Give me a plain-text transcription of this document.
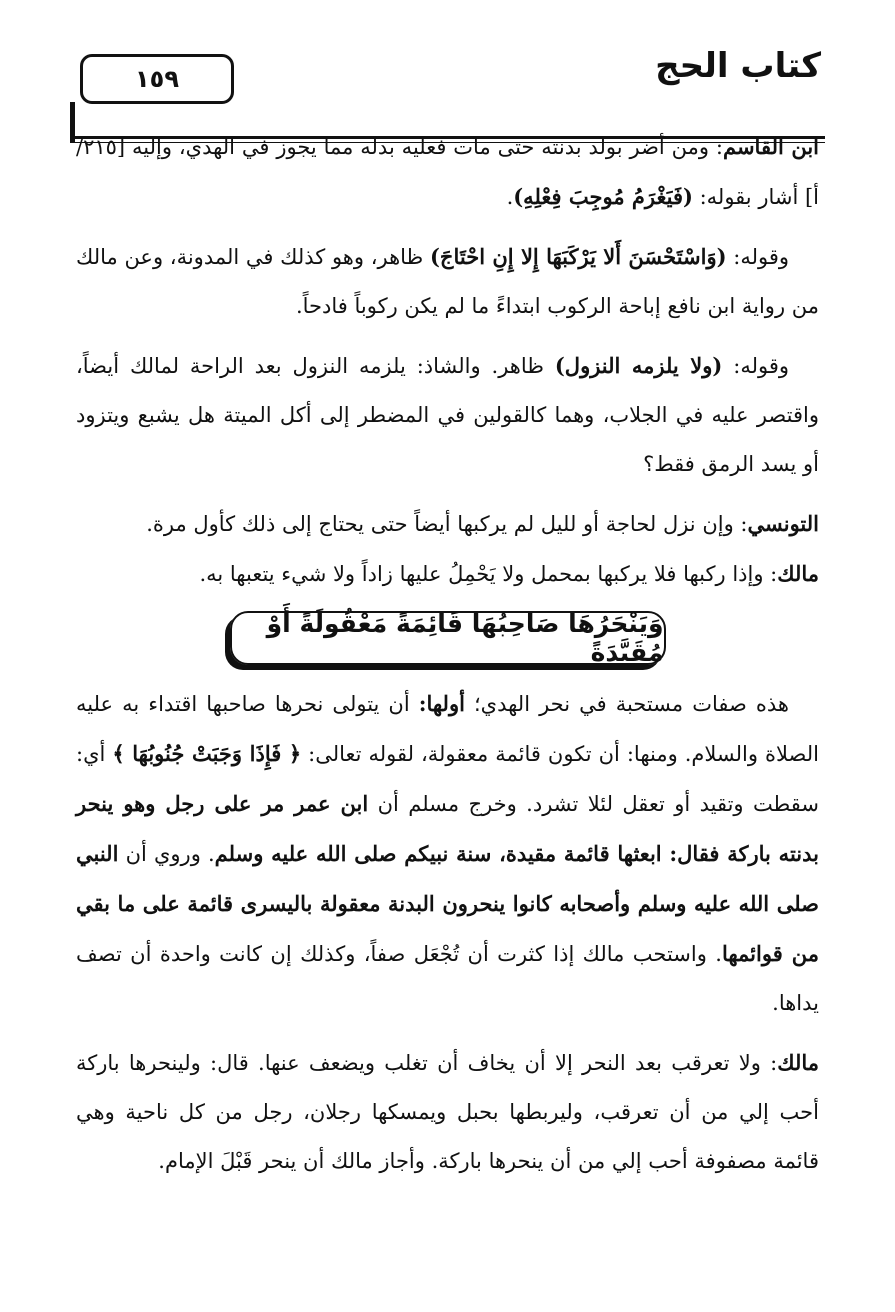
كتاب الحج
١٥٩

ابن القاسم: ومن أضر بولد بدنته حتى مات فعليه بدله مما يجوز في الهدي، وإليه [٢١٥/ أ] أشار بقوله: (فَيَغْرَمُ مُوجِبَ فِعْلِهِ).

وقوله: (وَاسْتَحْسَنَ أَلا يَرْكَبَهَا إِلا إِنِ احْتَاجَ) ظاهر، وهو كذلك في المدونة، وعن مالك من رواية ابن نافع إباحة الركوب ابتداءً ما لم يكن ركوباً فادحاً.

وقوله: (ولا يلزمه النزول) ظاهر. والشاذ: يلزمه النزول بعد الراحة لمالك أيضاً، واقتصر عليه في الجلاب، وهما كالقولين في المضطر إلى أكل الميتة هل يشبع ويتزود أو يسد الرمق فقط؟

التونسي: وإن نزل لحاجة أو لليل لم يركبها أيضاً حتى يحتاج إلى ذلك كأول مرة.

مالك: وإذا ركبها فلا يركبها بمحمل ولا يَحْمِلُ عليها زاداً ولا شيء يتعبها به.

وَيَنْحَرُهَا صَاحِبُهَا قَائِمَةً مَعْقُولَةً أَوْ مُقَيَّدَةً

هذه صفات مستحبة في نحر الهدي؛ أولها: أن يتولى نحرها صاحبها اقتداء به عليه الصلاة والسلام. ومنها: أن تكون قائمة معقولة، لقوله تعالى: ﴿ فَإِذَا وَجَبَتْ جُنُوبُهَا ﴾ أي: سقطت وتقيد أو تعقل لئلا تشرد. وخرج مسلم أن ابن عمر مر على رجل وهو ينحر بدنته باركة فقال: ابعثها قائمة مقيدة، سنة نبيكم صلى الله عليه وسلم. وروي أن النبي صلى الله عليه وسلم وأصحابه كانوا ينحرون البدنة معقولة باليسرى قائمة على ما بقي من قوائمها. واستحب مالك إذا كثرت أن تُجْعَل صفاً، وكذلك إن كانت واحدة أن تصف يداها.

مالك: ولا تعرقب بعد النحر إلا أن يخاف أن تغلب ويضعف عنها. قال: ولينحرها باركة أحب إلي من أن تعرقب، وليربطها بحبل ويمسكها رجلان، رجل من كل ناحية وهي قائمة مصفوفة أحب إلي من أن ينحرها باركة. وأجاز مالك أن ينحر قَبْلَ الإمام.
